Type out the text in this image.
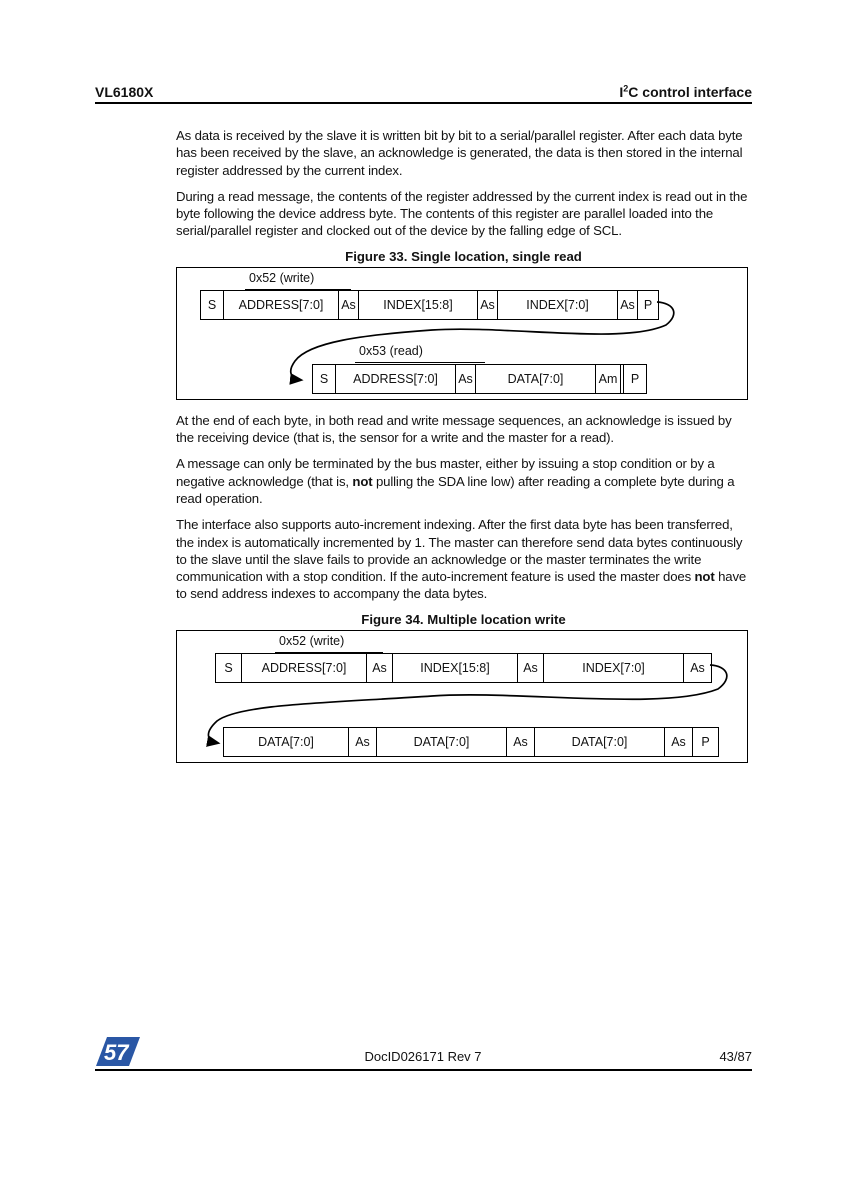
VL6180X	$I^2C$ control interface

As data is received by the slave it is written bit by bit to a serial/parallel register. After each data byte has been received by the slave, an acknowledge is generated, the data is then stored in the internal register addressed by the current index.

During a read message, the contents of the register addressed by the current index is read out in the byte following the device address byte. The contents of this register are parallel loaded into the serial/parallel register and clocked out of the device by the falling edge of SCL.

Figure 33. Single location, single read
0x52 (write)
S	ADDRESS[7:0]	As	INDEX[15:8]	As	INDEX[7:0]	As P
0x53 (read)
S	ADDRESS[7:0]	As	DATA[7:0]	Am	P

At the end of each byte, in both read and write message sequences, an acknowledge is issued by the receiving device (that is, the sensor for a write and the master for a read).

A message can only be terminated by the bus master, either by issuing a stop condition or by a negative acknowledge (that is, not pulling the SDA line low) after reading a complete byte during a read operation.

The interface also supports auto-increment indexing. After the first data byte has been transferred, the index is automatically incremented by 1. The master can therefore send data bytes continuously to the slave until the slave fails to provide an acknowledge or the master terminates the write communication with a stop condition. If the auto-increment feature is used the master does not have to send address indexes to accompany the data bytes.

Figure 34. Multiple location write
0x52 (write)
S	ADDRESS[7:0]	As	INDEX[15:8]	As	INDEX[7:0]	As
DATA[7:0]	As	DATA[7:0]	As	DATA[7:0]	As	P
57	DocID026171 Rev 7	43/87
